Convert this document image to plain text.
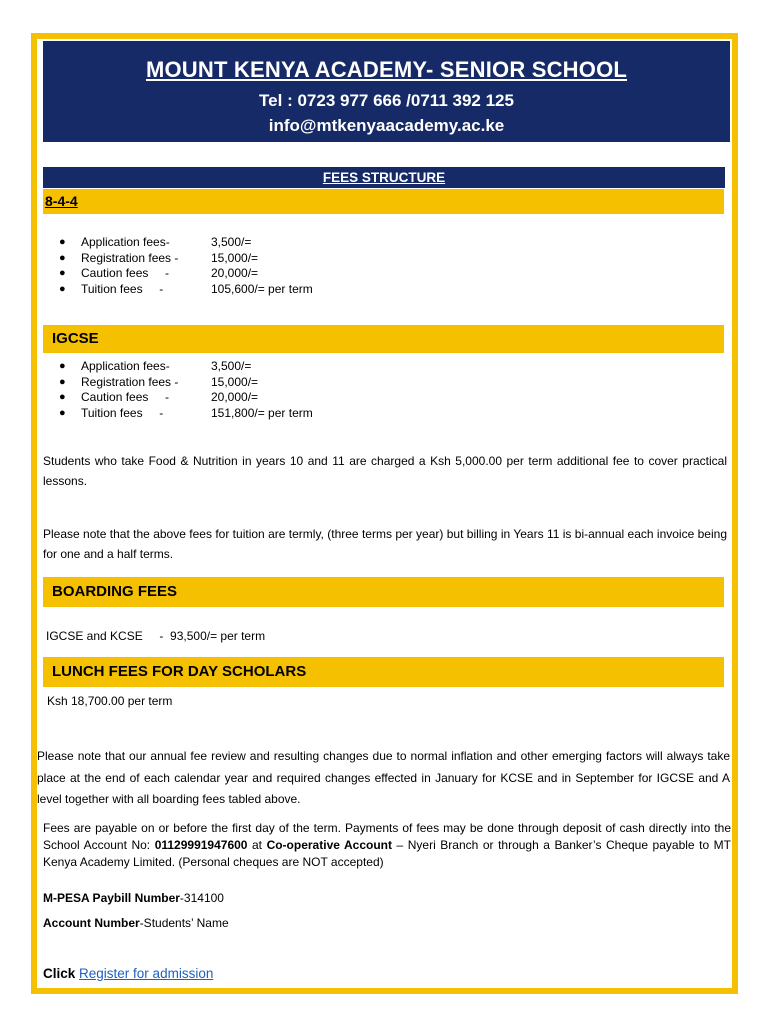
MOUNT KENYA ACADEMY- SENIOR SCHOOL
Tel : 0723 977 666 /0711 392 125
info@mtkenyaacademy.ac.ke
FEES STRUCTURE
8-4-4
●	Application fees-	3,500/=
●	Registration fees -	15,000/=
●	Caution fees     -	20,000/=
●	Tuition fees     -	105,600/= per term
IGCSE
●	Application fees-	3,500/=
●	Registration fees -	15,000/=
●	Caution fees     -	20,000/=
●	Tuition fees     -	151,800/= per term
Students who take Food & Nutrition in years 10 and 11 are charged a Ksh 5,000.00 per term additional fee to cover practical lessons.
Please note that the above fees for tuition are termly, (three terms per year) but billing in Years 11 is bi-annual each invoice being for one and a half terms.
BOARDING FEES
IGCSE and KCSE     -  93,500/= per term
LUNCH FEES FOR DAY SCHOLARS
Ksh 18,700.00 per term
Please note that our annual fee review and resulting changes due to normal inflation and other emerging factors will always take place at the end of each calendar year and required changes effected in January for KCSE and in September for IGCSE and A level together with all boarding fees tabled above.
Fees are payable on or before the first day of the term. Payments of fees may be done through deposit of cash directly into the School Account No: 01129991947600 at Co-operative Account – Nyeri Branch or through a Banker’s Cheque payable to MT Kenya Academy Limited. (Personal cheques are NOT accepted)
M-PESA Paybill Number-314100
Account Number-Students’ Name
Click Register for admission
